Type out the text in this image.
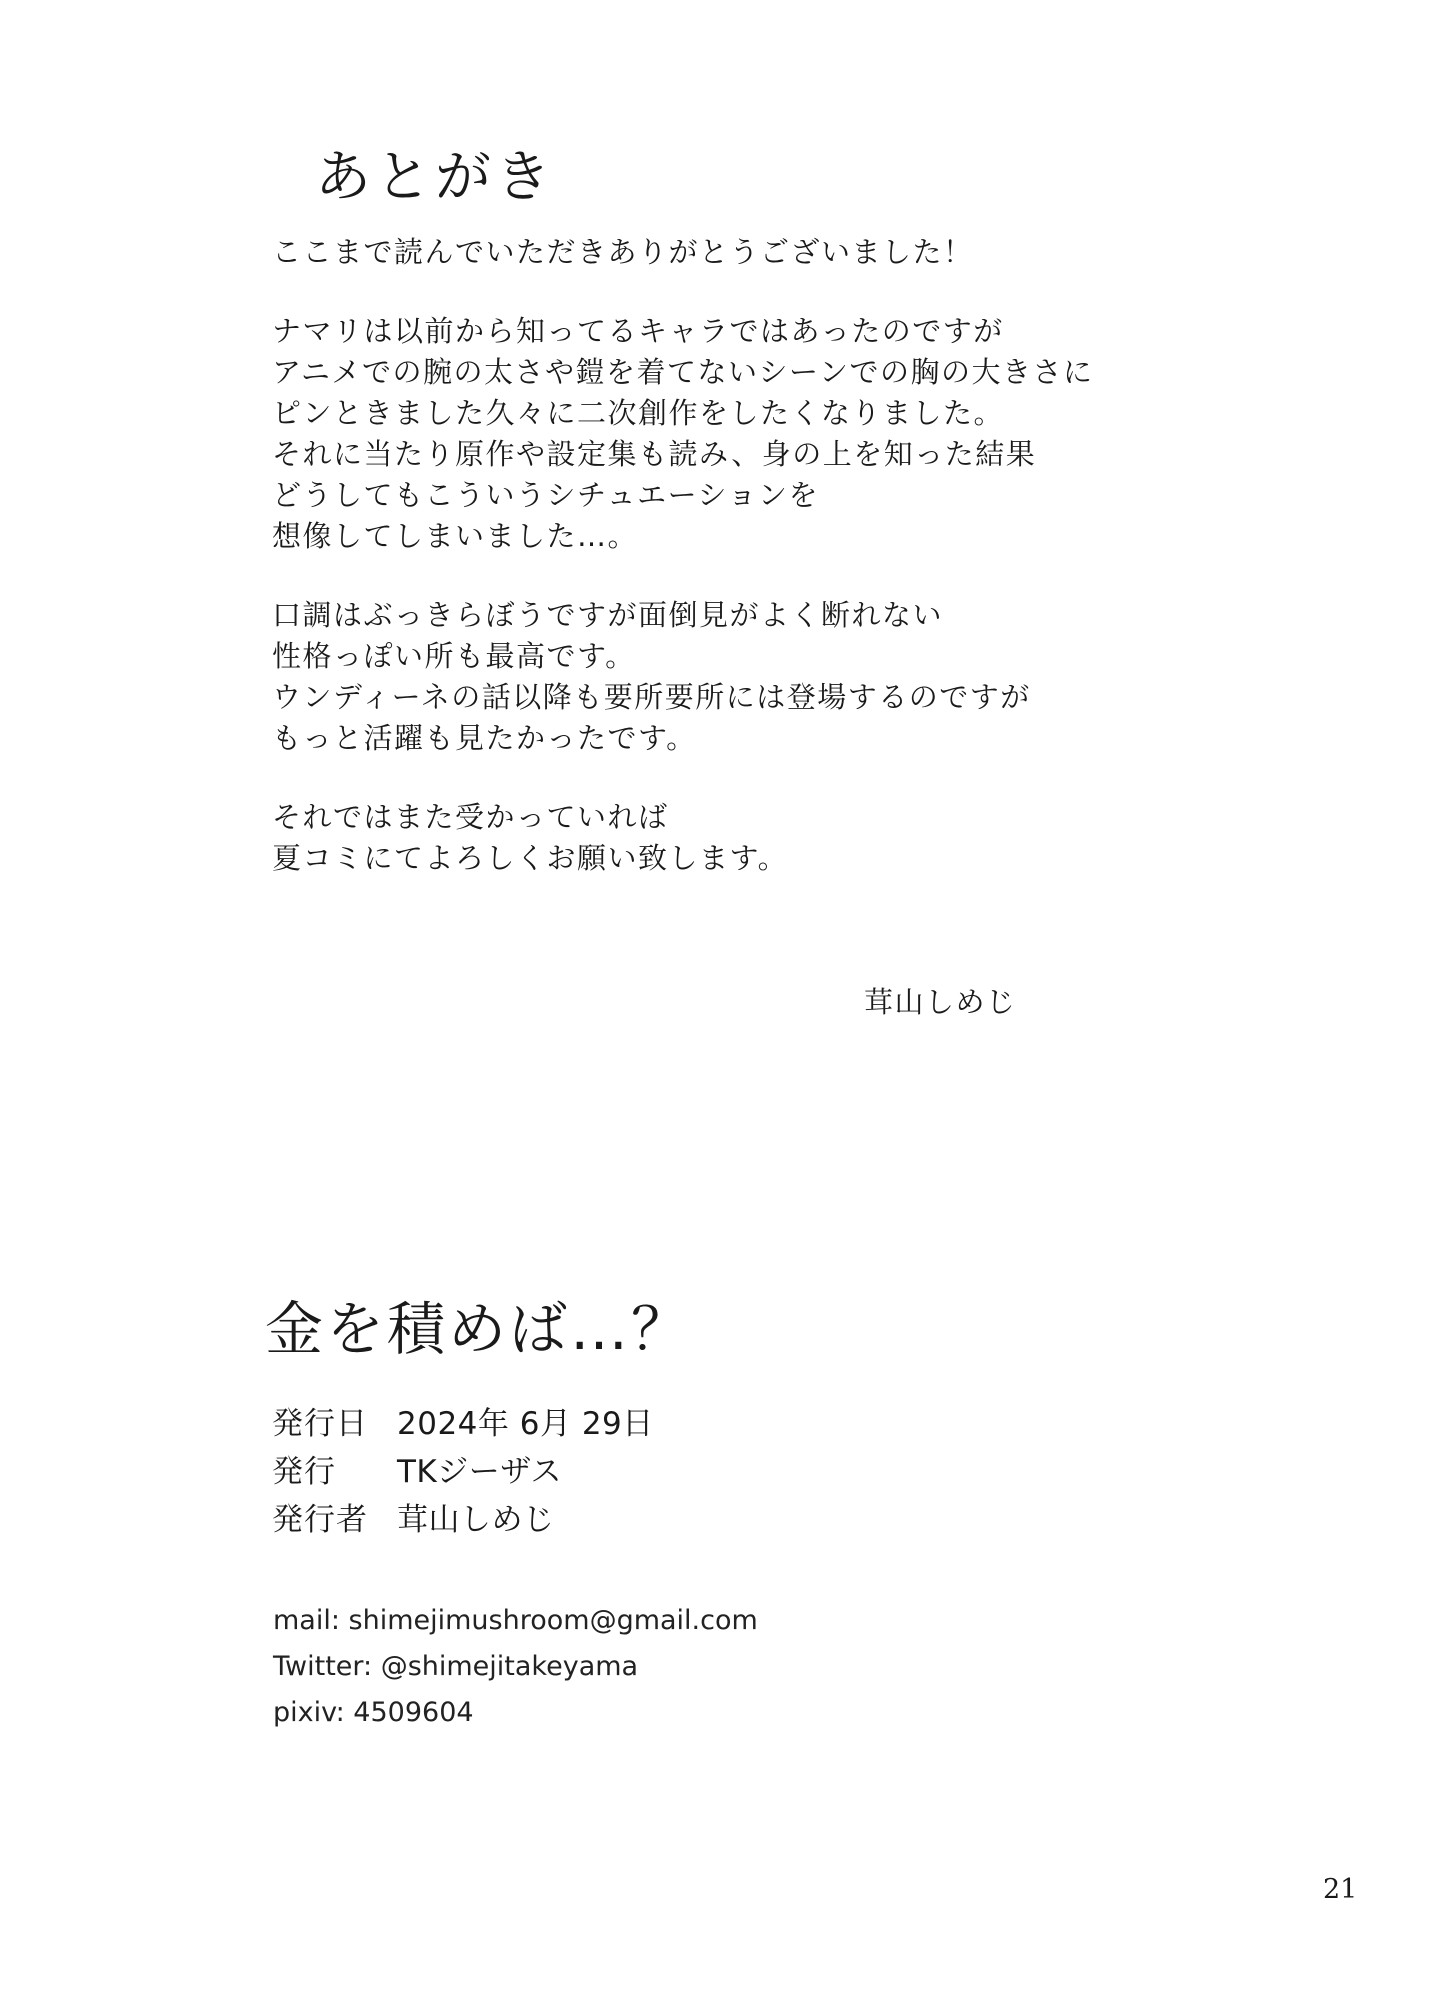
あとがき
ここまで読んでいただきありがとうございました！
ナマリは以前から知ってるキャラではあったのですが
アニメでの腕の太さや鎧を着てないシーンでの胸の大きさに
ピンときました久々に二次創作をしたくなりました。
それに当たり原作や設定集も読み、身の上を知った結果
どうしてもこういうシチュエーションを
想像してしまいました…。
口調はぶっきらぼうですが面倒見がよく断れない
性格っぽい所も最高です。
ウンディーネの話以降も要所要所には登場するのですが
もっと活躍も見たかったです。
それではまた受かっていれば
夏コミにてよろしくお願い致します。
茸山しめじ
金を積めば…？
発行日 2024年 6月 29日
発行	TKジーザス
発行者 茸山しめじ
mail: shimejimushroom@gmail.com
Twitter: @shimejitakeyama
pixiv: 4509604
21
